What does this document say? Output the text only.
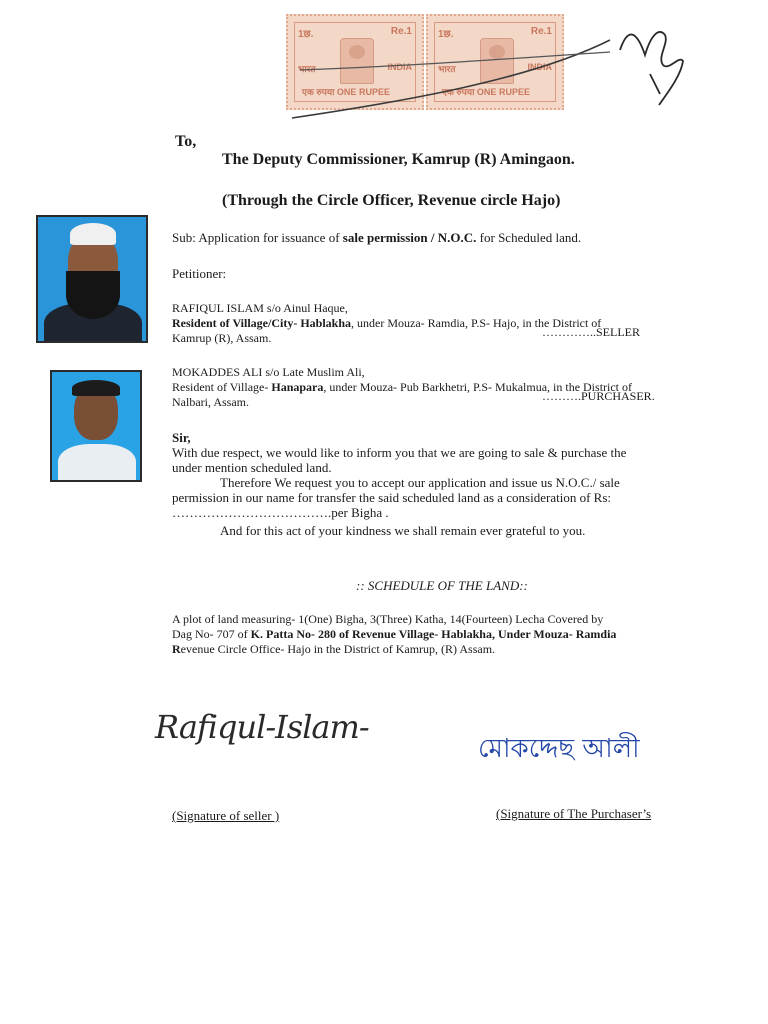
1छ.	Re.1
भारत	INDIA
एक रुपया ONE RUPEE
1छ.	Re.1
भारत	INDIA
एक रुपया ONE RUPEE
To,
The Deputy Commissioner, Kamrup (R) Amingaon.
(Through the Circle Officer, Revenue circle Hajo)
Sub: Application for issuance of sale permission / N.O.C. for Scheduled land.
Petitioner:
RAFIQUL ISLAM s/o Ainul Haque,
Resident of Village/City- Hablakha, under Mouza- Ramdia, P.S- Hajo, in the District of
Kamrup (R), Assam.	…………..SELLER
MOKADDES ALI s/o Late Muslim Ali,
Resident of Village- Hanapara, under Mouza- Pub Barkhetri, P.S- Mukalmua, in the District of
Nalbari, Assam.	……….PURCHASER.
Sir,
With due respect, we would like to inform you that we are going to sale & purchase the
under mention scheduled land.
Therefore We request you to accept our application and issue us N.O.C./ sale
permission in our name for transfer the said scheduled land as a consideration of Rs:
……………………………….per Bigha .
And for this act of your kindness we shall remain ever grateful to you.
:: SCHEDULE OF THE LAND::
A plot of land measuring- 1(One) Bigha, 3(Three) Katha, 14(Fourteen) Lecha Covered by
Dag No- 707 of K. Patta No- 280 of Revenue Village- Hablakha, Under Mouza- Ramdia
Revenue Circle Office- Hajo in the District of Kamrup, (R) Assam.
Rafiqul-Islam-
মোকদ্দেছ আলী
(Signature of seller )	(Signature of The Purchaser’s
